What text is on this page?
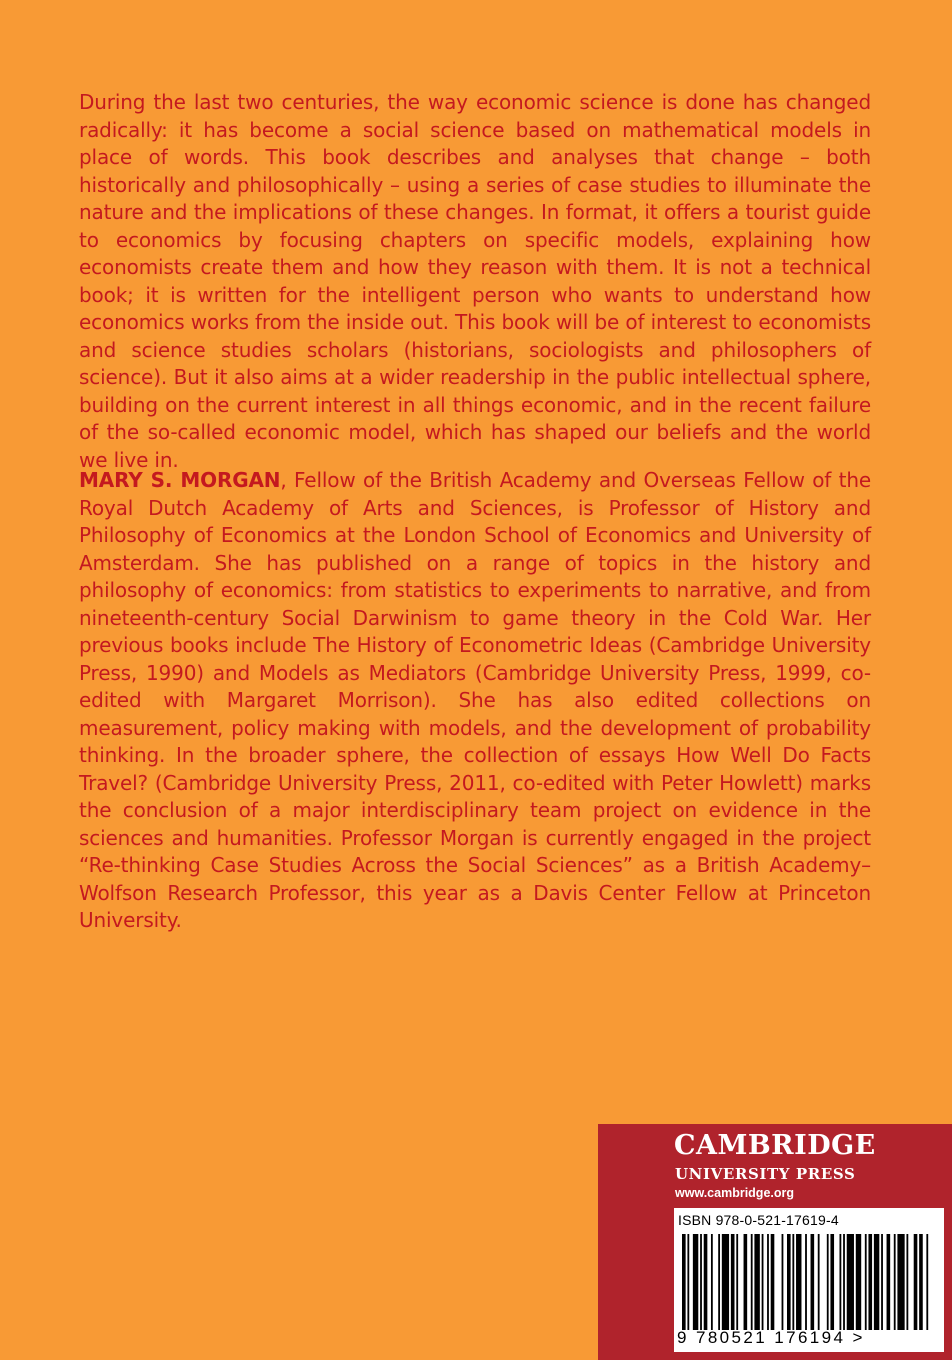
During the last two centuries, the way economic science is done has changed radically: it has become a social science based on mathematical models in place of words. This book describes and analyses that change – both historically and philosophically – using a series of case studies to illuminate the nature and the implications of these changes. In format, it offers a tourist guide to economics by focusing chapters on specific models, explaining how economists create them and how they reason with them. It is not a technical book; it is written for the intelligent person who wants to understand how economics works from the inside out. This book will be of interest to economists and science studies scholars (historians, sociologists and philosophers of science). But it also aims at a wider readership in the public intellectual sphere, building on the current interest in all things economic, and in the recent failure of the so-called economic model, which has shaped our beliefs and the world we live in.
MARY S. MORGAN, Fellow of the British Academy and Overseas Fellow of the Royal Dutch Academy of Arts and Sciences, is Professor of History and Philosophy of Economics at the London School of Economics and University of Amsterdam. She has published on a range of topics in the history and philosophy of economics: from statistics to experiments to narrative, and from nineteenth-century Social Darwinism to game theory in the Cold War. Her previous books include The History of Econometric Ideas (Cambridge University Press, 1990) and Models as Mediators (Cambridge University Press, 1999, co-edited with Margaret Morrison). She has also edited collections on measurement, policy making with models, and the development of probability thinking. In the broader sphere, the collection of essays How Well Do Facts Travel? (Cambridge University Press, 2011, co-edited with Peter Howlett) marks the conclusion of a major interdisciplinary team project on evidence in the sciences and humanities. Professor Morgan is currently engaged in the project “Re-thinking Case Studies Across the Social Sciences” as a British Academy–Wolfson Research Professor, this year as a Davis Center Fellow at Princeton University.
CAMBRIDGE
UNIVERSITY PRESS
www.cambridge.org
ISBN 978-0-521-17619-4
9 780521 176194 >
